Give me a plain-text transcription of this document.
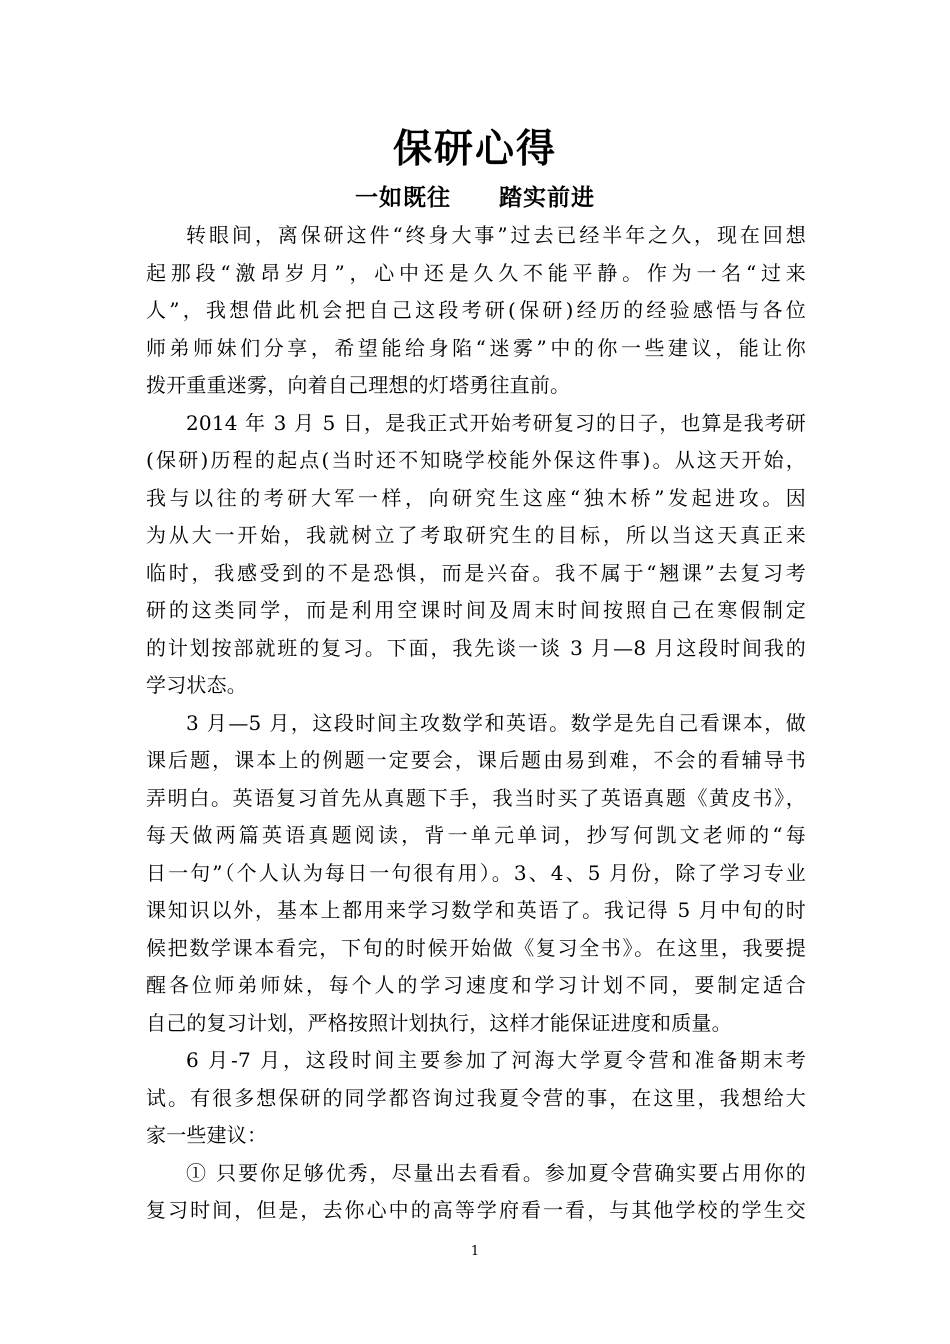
保研心得
一如既往　　踏实前进
转眼间，离保研这件“终身大事”过去已经半年之久，现在回想
起那段“激昂岁月”，心中还是久久不能平静。作为一名“过来
人”，我想借此机会把自己这段考研(保研)经历的经验感悟与各位
师弟师妹们分享，希望能给身陷“迷雾”中的你一些建议，能让你
拨开重重迷雾，向着自己理想的灯塔勇往直前。
2014 年 3 月 5 日，是我正式开始考研复习的日子，也算是我考研
(保研)历程的起点(当时还不知晓学校能外保这件事)。从这天开始，
我与以往的考研大军一样，向研究生这座“独木桥”发起进攻。因
为从大一开始，我就树立了考取研究生的目标，所以当这天真正来
临时，我感受到的不是恐惧，而是兴奋。我不属于“翘课”去复习考
研的这类同学，而是利用空课时间及周末时间按照自己在寒假制定
的计划按部就班的复习。下面，我先谈一谈 3 月—8 月这段时间我的
学习状态。
3 月—5 月，这段时间主攻数学和英语。数学是先自己看课本，做
课后题，课本上的例题一定要会，课后题由易到难，不会的看辅导书
弄明白。英语复习首先从真题下手，我当时买了英语真题《黄皮书》，
每天做两篇英语真题阅读，背一单元单词，抄写何凯文老师的“每
日一句”（个人认为每日一句很有用）。3、4、5 月份，除了学习专业
课知识以外，基本上都用来学习数学和英语了。我记得 5 月中旬的时
候把数学课本看完，下旬的时候开始做《复习全书》。在这里，我要提
醒各位师弟师妹，每个人的学习速度和学习计划不同，要制定适合
自己的复习计划，严格按照计划执行，这样才能保证进度和质量。
6 月-7 月，这段时间主要参加了河海大学夏令营和准备期末考
试。有很多想保研的同学都咨询过我夏令营的事，在这里，我想给大
家一些建议：
① 只要你足够优秀，尽量出去看看。参加夏令营确实要占用你的
复习时间，但是，去你心中的高等学府看一看，与其他学校的学生交
1
